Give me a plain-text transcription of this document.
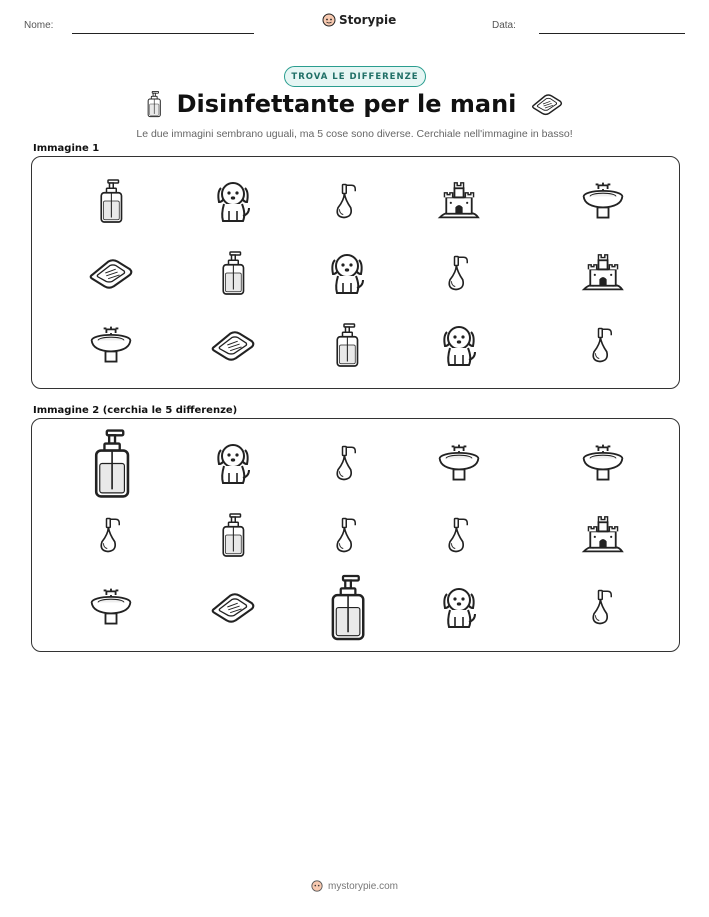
Nome:	Storypie	Data:
TROVA LE DIFFERENZE
Disinfettante per le mani
Le due immagini sembrano uguali, ma 5 cose sono diverse. Cerchiale nell'immagine in basso!
Immagine 1
Immagine 2 (cerchia le 5 differenze)
mystorypie.com
